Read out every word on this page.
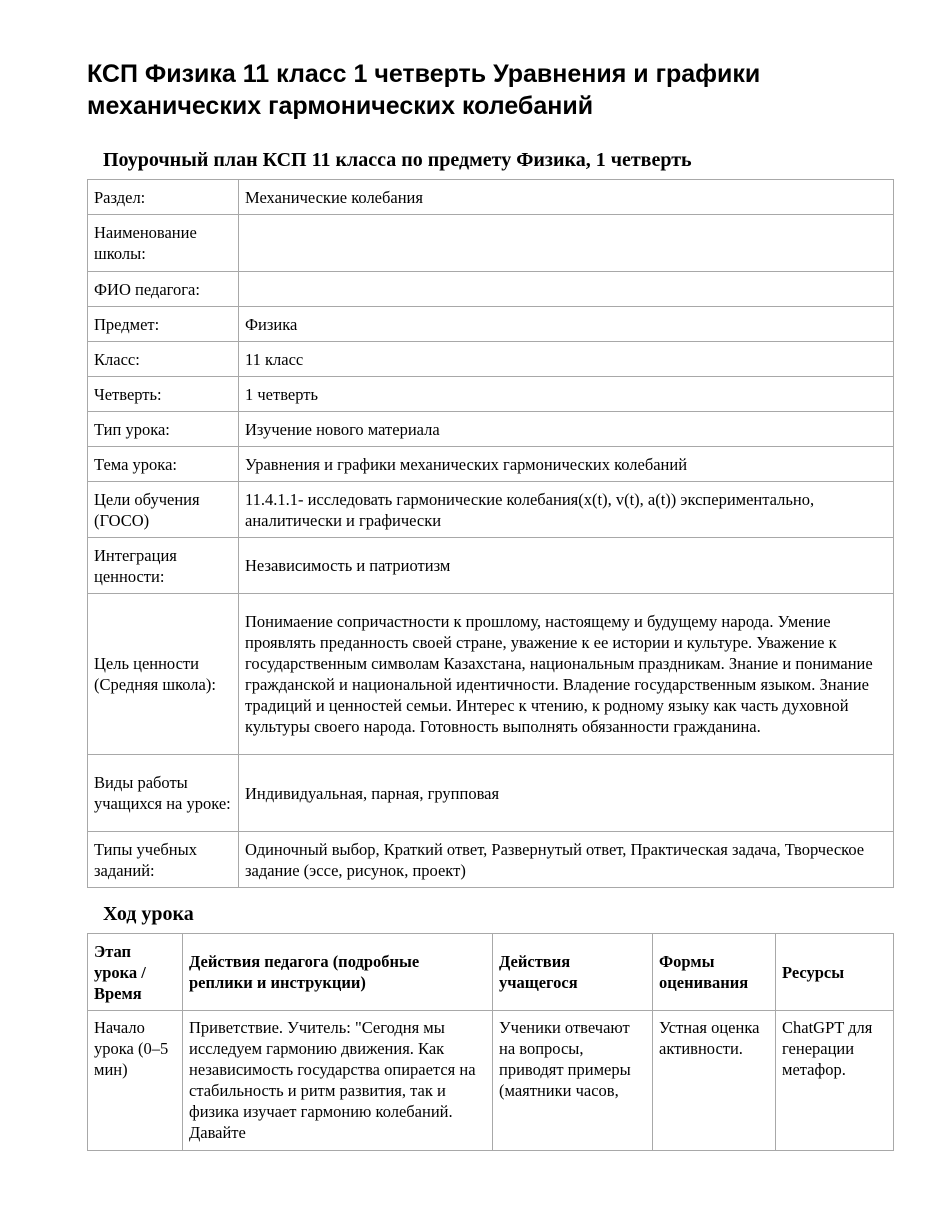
КСП Физика 11 класс 1 четверть Уравнения и графики механических гармонических колебаний
Поурочный план КСП 11 класса по предмету Физика, 1 четверть
Раздел:	Механические колебания
Наименование школы:	
ФИО педагога:	
Предмет:	Физика
Класс:	11 класс
Четверть:	1 четверть
Тип урока:	Изучение нового материала
Тема урока:	Уравнения и графики механических гармонических колебаний
Цели обучения (ГОСО)	11.4.1.1- исследовать гармонические колебания(x(t), v(t), a(t)) экспериментально, аналитически и графически
Интеграция ценности:	Независимость и патриотизм
Цель ценности (Средняя школа):	Понимаение сопричастности к прошлому, настоящему и будущему народа. Умение проявлять преданность своей стране, уважение к ее истории и культуре. Уважение к государственным символам Казахстана, национальным праздникам. Знание и понимание гражданской и национальной идентичности. Владение государственным языком. Знание традиций и ценностей семьи. Интерес к чтению, к родному языку как часть духовной культуры своего народа. Готовность выполнять обязанности гражданина.
Виды работы учащихся на уроке:	Индивидуальная, парная, групповая
Типы учебных заданий:	Одиночный выбор, Краткий ответ, Развернутый ответ, Практическая задача, Творческое задание (эссе, рисунок, проект)
Ход урока
Этап урока / Время	Действия педагога (подробные реплики и инструкции)	Действия учащегося	Формы оценивания	Ресурсы
Начало урока (0–5 мин)	Приветствие. Учитель: "Сегодня мы исследуем гармонию движения. Как независимость государства опирается на стабильность и ритм развития, так и физика изучает гармонию колебаний. Давайте	Ученики отвечают на вопросы, приводят примеры (маятники часов,	Устная оценка активности.	ChatGPT для генерации метафор.
